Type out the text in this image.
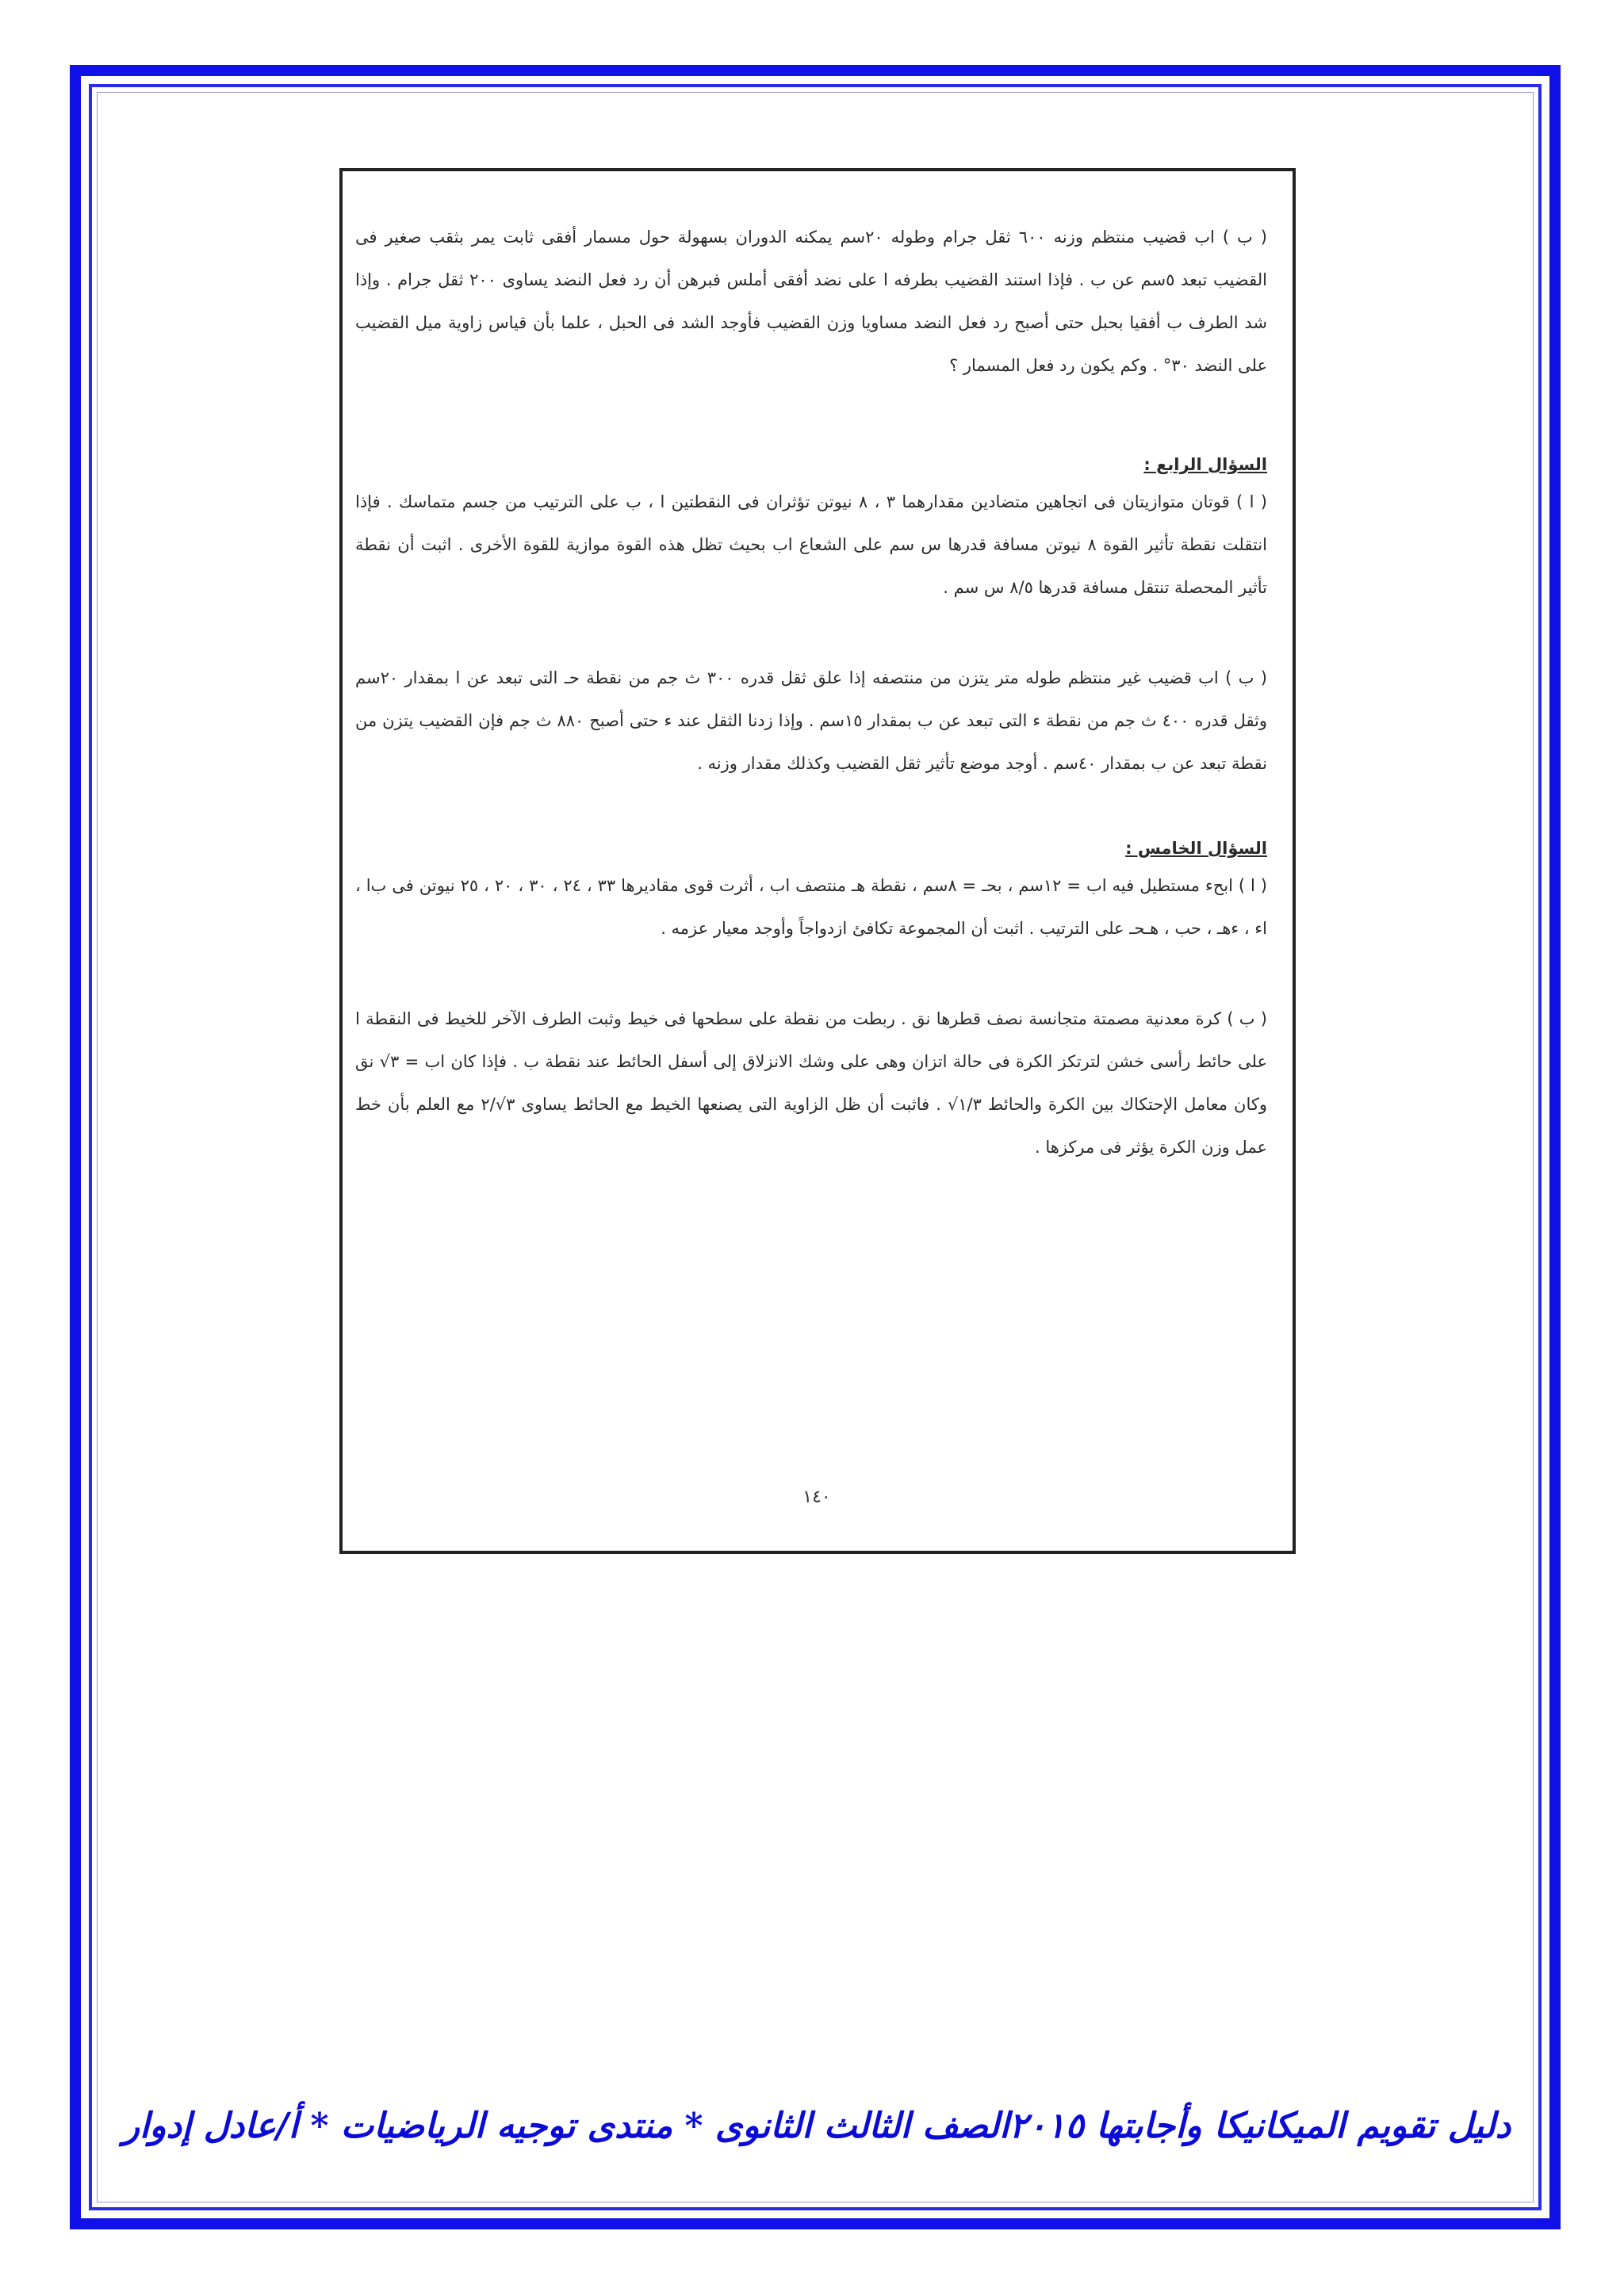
( ب ) ﺍﺏ قضيب منتظم وزنه ٦٠٠ ثقل جرام وطوله ٢٠سم يمكنه الدوران بسهولة حول مسمار أفقى ثابت يمر بثقب صغير فى القضيب تبعد ٥سم عن ب . فإذا استند القضيب بطرفه ﺍ على نضد أفقى أملس فبرهن أن رد فعل النضد يساوى ٢٠٠ ثقل جرام . وإذا شد الطرف ب أفقيا بحبل حتى أصبح رد فعل النضد مساويا وزن القضيب فأوجد الشد فى الحبل ، علما بأن قياس زاوية ميل القضيب على النضد ٣٠° . وكم يكون رد فعل المسمار ؟

السؤال الرابع :

( ﺍ ) قوتان متوازيتان فى اتجاهين متضادين مقدارهما ٣ ، ٨ نيوتن تؤثران فى النقطتين ﺍ ، ب على الترتيب من جسم متماسك . فإذا انتقلت نقطة تأثير القوة ٨ نيوتن مسافة قدرها س سم على الشعاع ﺍب بحيث تظل هذه القوة موازية للقوة الأخرى . اثبت أن نقطة تأثير المحصلة تنتقل مسافة قدرها ٨/٥ س سم .

( ب ) ﺍب قضيب غير منتظم طوله متر يتزن من منتصفه إذا علق ثقل قدره ٣٠٠ ث جم من نقطة حـ التى تبعد عن ﺍ بمقدار ٢٠سم وثقل قدره ٤٠٠ ث جم من نقطة ء التى تبعد عن ب بمقدار ١٥سم . وإذا زدنا الثقل عند ء حتى أصبح ٨٨٠ ث جم فإن القضيب يتزن من نقطة تبعد عن ب بمقدار ٤٠سم . أوجد موضع تأثير ثقل القضيب وكذلك مقدار وزنه .

السؤال الخامس :

( ﺍ ) ﺍبحء مستطيل فيه ﺍب = ١٢سم ، بحـ = ٨سم ، نقطة هـ منتصف ﺍب ، أثرت قوى مقاديرها ٣٣ ، ٢٤ ، ٣٠ ، ٢٠ ، ٢٥ نيوتن فى بﺍ ، ﺍء ، ءهـ ، حب ، هـحـ على الترتيب . اثبت أن المجموعة تكافئ ازدواجاً وأوجد معيار عزمه .

( ب ) كرة معدنية مصمتة متجانسة نصف قطرها نق . ربطت من نقطة على سطحها فى خيط وثبت الطرف الآخر للخيط فى النقطة ﺍ على حائط رأسى خشن لترتكز الكرة فى حالة اتزان وهى على وشك الانزلاق إلى أسفل الحائط عند نقطة ب . فإذا كان ﺍب = ٣√ نق وكان معامل الإحتكاك بين الكرة والحائط ١/٣√ . فاثبت أن ظل الزاوية التى يصنعها الخيط مع الحائط يساوى ٣√/٢ مع العلم بأن خط عمل وزن الكرة يؤثر فى مركزها .

١٤٠
دليل تقويم الميكانيكا وأجابتها ٢٠١٥الصف الثالث الثانوى * منتدى توجيه الرياضيات * ﺃ/عادل إدوار
